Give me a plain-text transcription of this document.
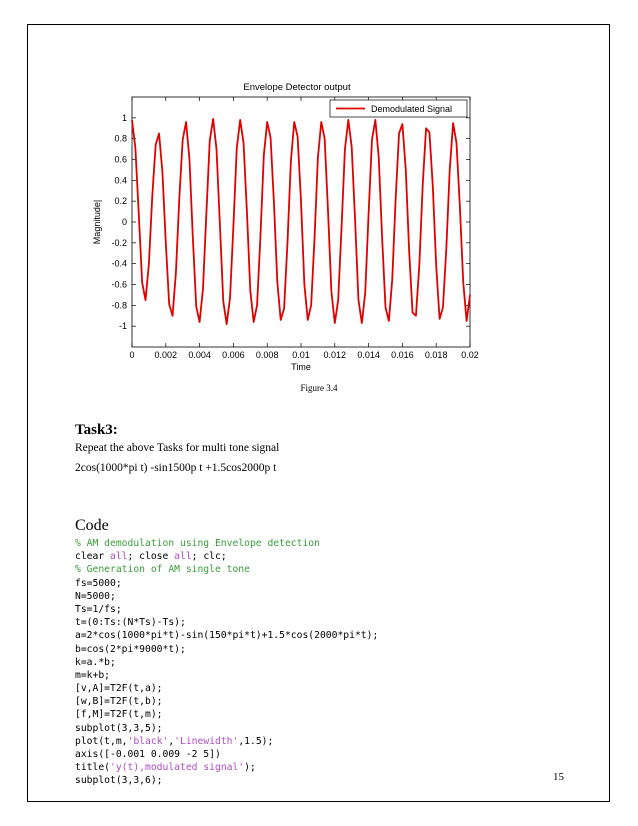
Envelope Detector output
1
0.8
0.6
0.4
0.2
0
-0.2
-0.4
-0.6
-0.8
-1
0 0.002 0.004 0.006 0.008 0.01 0.012 0.014 0.016 0.018 0.02
Time
Magnitude|
Demodulated Signal
Figure 3.4
Task3:
Repeat the above Tasks for multi tone signal
2cos(1000*pi t) -sin1500p t +1.5cos2000p t
Code
% AM demodulation using Envelope detection
clear all; close all; clc;
% Generation of AM single tone
fs=5000;
N=5000;
Ts=1/fs;
t=(0:Ts:(N*Ts)-Ts);
a=2*cos(1000*pi*t)-sin(150*pi*t)+1.5*cos(2000*pi*t);
b=cos(2*pi*9000*t);
k=a.*b;
m=k+b;
[v,A]=T2F(t,a);
[w,B]=T2F(t,b);
[f,M]=T2F(t,m);
subplot(3,3,5);
plot(t,m,'black','Linewidth',1.5);
axis([-0.001 0.009 -2 5])
title('y(t),modulated signal');
subplot(3,3,6);	15
